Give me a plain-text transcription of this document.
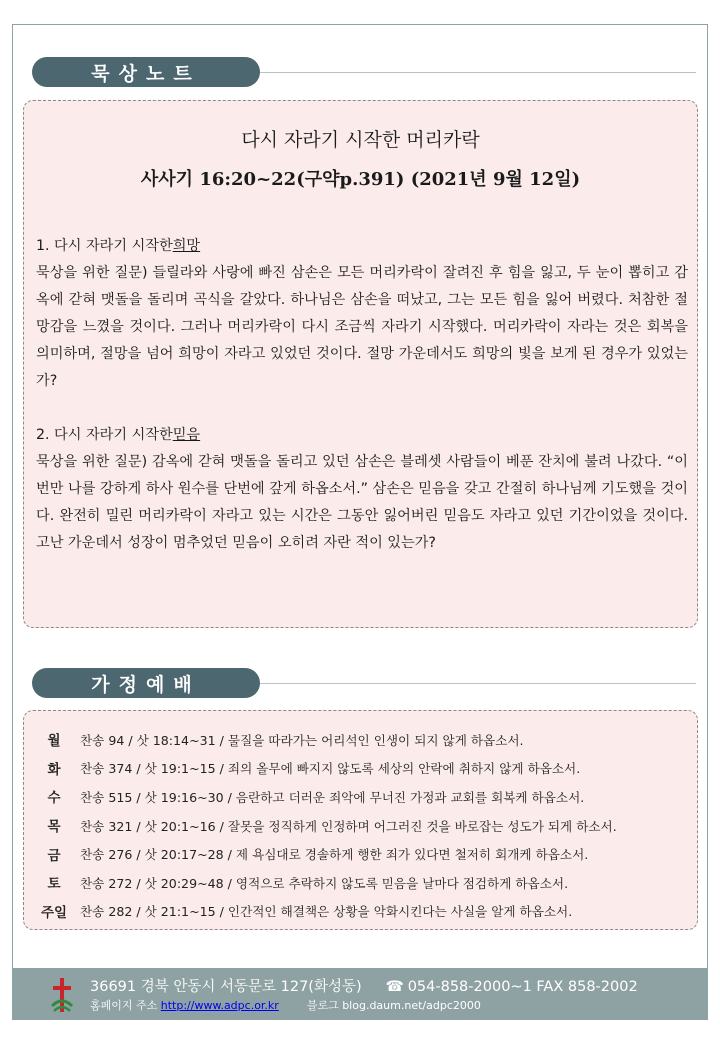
묵상노트
다시 자라기 시작한 머리카락
사사기 16:20~22(구약p.391) (2021년 9월 12일)

1. 다시 자라기 시작한희망

묵상을 위한 질문) 들릴라와 사랑에 빠진 삼손은 모든 머리카락이 잘려진 후 힘을 잃고, 두 눈이 뽑히고 감옥에 갇혀 맷돌을 돌리며 곡식을 갈았다. 하나님은 삼손을 떠났고, 그는 모든 힘을 잃어 버렸다. 처참한 절망감을 느꼈을 것이다. 그러나 머리카락이 다시 조금씩 자라기 시작했다. 머리카락이 자라는 것은 회복을 의미하며, 절망을 넘어 희망이 자라고 있었던 것이다. 절망 가운데서도 희망의 빛을 보게 된 경우가 있었는가?

2. 다시 자라기 시작한믿음

묵상을 위한 질문) 감옥에 갇혀 맷돌을 돌리고 있던 삼손은 블레셋 사람들이 베푼 잔치에 불려 나갔다. “이번만 나를 강하게 하사 원수를 단번에 갚게 하옵소서.” 삼손은 믿음을 갖고 간절히 하나님께 기도했을 것이다. 완전히 밀린 머리카락이 자라고 있는 시간은 그동안 잃어버린 믿음도 자라고 있던 기간이었을 것이다. 고난 가운데서 성장이 멈추었던 믿음이 오히려 자란 적이 있는가?

가정예배
월	찬송 94 / 삿 18:14~31 / 물질을 따라가는 어리석인 인생이 되지 않게 하옵소서.
화	찬송 374 / 삿 19:1~15 / 죄의 올무에 빠지지 않도록 세상의 안락에 취하지 않게 하옵소서.
수	찬송 515 / 삿 19:16~30 / 음란하고 더러운 죄악에 무너진 가정과 교회를 회복케 하옵소서.
목	찬송 321 / 삿 20:1~16 / 잘못을 정직하게 인정하며 어그러진 것을 바로잡는 성도가 되게 하소서.
금	찬송 276 / 삿 20:17~28 / 제 욕심대로 경솔하게 행한 죄가 있다면 철저히 회개케 하옵소서.
토	찬송 272 / 삿 20:29~48 / 영적으로 추락하지 않도록 믿음을 날마다 점검하게 하옵소서.
주일	찬송 282 / 삿 21:1~15 / 인간적인 해결책은 상황을 악화시킨다는 사실을 알게 하옵소서.
36691 경북 안동시 서동문로 127(화성동) ☎ 054-858-2000~1 FAX 858-2002
홈페이지 주소 http://www.adpc.or.kr	블로그 blog.daum.net/adpc2000
